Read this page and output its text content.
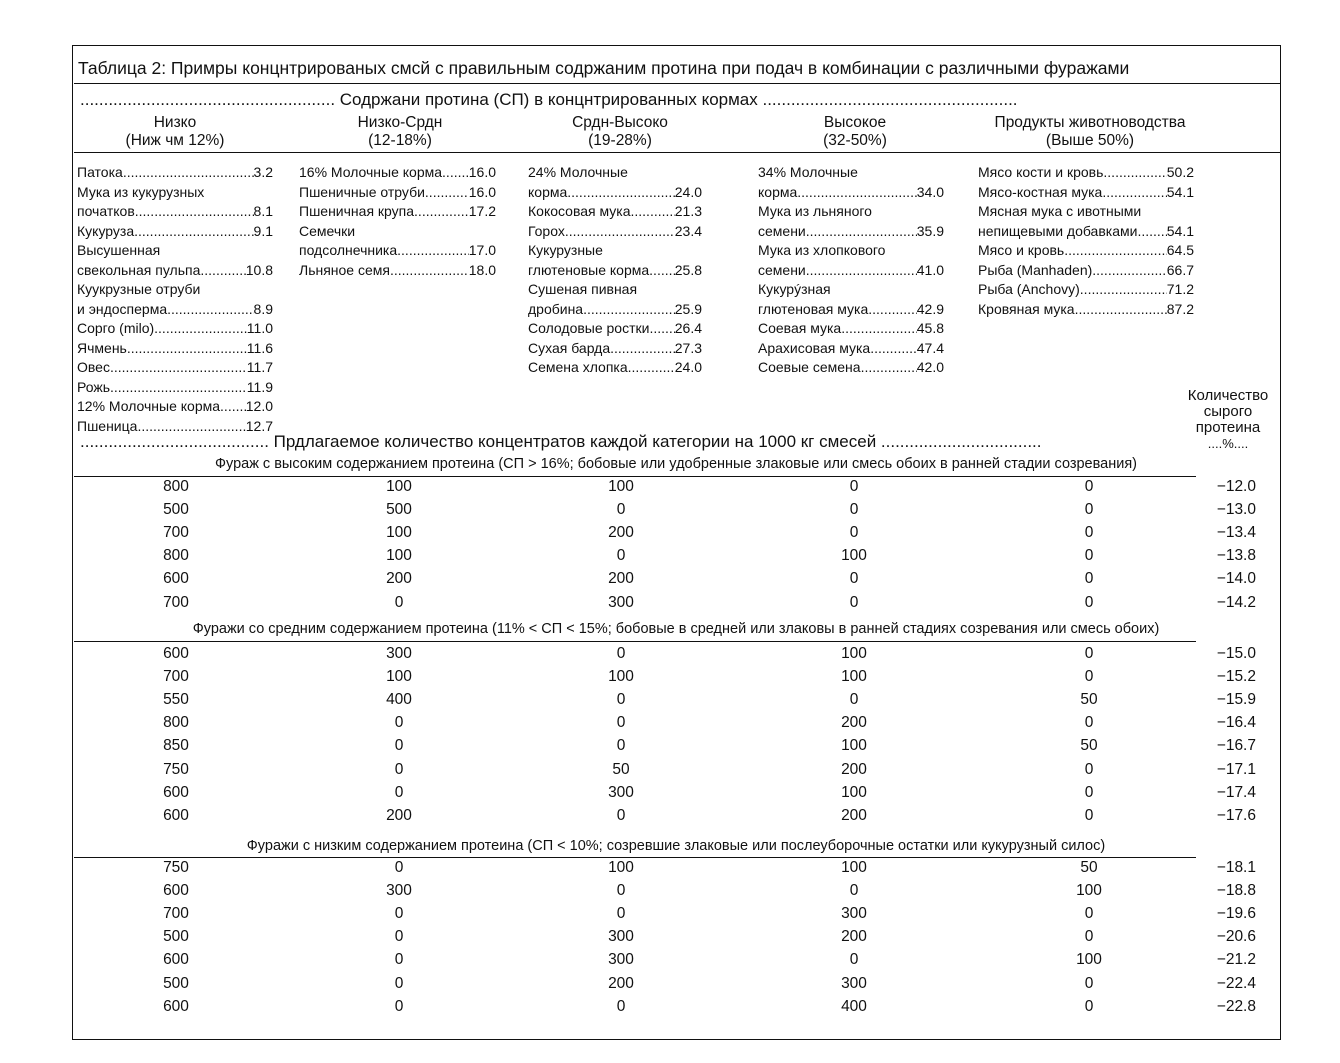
Таблица 2: Примры концнтрированых смсй с правильным содржаним протина при подач в комбинации с различными фуражами
...................................................... Содржани протина (СП) в концнтрированных кормах ......................................................
Низко
(Ниж чм 12%)
Низко-Срдн
(12-18%)
Срдн-Высоко
(19-28%)
Высокое
(32-50%)
Продукты животноводства
(Выше 50%)
Патока .....	3.2
Мука из кукурузных
початков .....	8.1
Кукуруза .....	9.1
Высушенная
свекольная пульпа .....	10.8
Куукрузные отруби
и эндосперма .....	8.9
Сорго (milo) .....	11.0
Ячмень .....	11.6
Овес .....	11.7
Рожь .....	11.9
12% Молочные корма ..... 12.0
Пшеница .....	12.7
16% Молочные корма ..... 16.0
Пшеничные отруби .....	16.0
Пшеничная крупа .....	17.2
Семечки
подсолнечника .....	17.0
Льняное семя .....	18.0
24% Молочные
корма .....	24.0
Кокосовая мука .....	21.3
Горох .....	23.4
Кукурузные
глютеновые корма ..... 25.8
Сушеная пивная
дробина .....	25.9
Солодовые ростки ..... 26.4
Сухая барда .....	27.3
Семена хлопка .....	24.0
34% Молочные
корма .....	34.0
Мука из льняного
семени .....	35.9
Мука из хлопкового
семени .....	41.0
Кукурýзная
глютеновая мука .....	42.9
Соевая мука .....	45.8
Арахисовая мука .....	47.4
Соевые семена .....	42.0
Мясо кости и кровь .....	50.2
Мясо-костная мука .....	54.1
Мясная мука с ивотными
непищевыми добавками ..... 54.1
Мясо и кровь .....	64.5
Рыба (Manhaden) .....	66.7
Рыба (Anchovy) .....	71.2
Кровяная мука .....	87.2
Количество
сырого
протеина
....%....
........................................ Прдлагаемое количество концентратов каждой категории на 1000 кг смесей ..................................
Фураж с высоким содержанием протеина (СП > 16%; бобовые или удобренные злаковые или смесь обоих в ранней стадии созревания)
800	100	100	0	0	−12.0
500	500	0	0	0	−13.0
700	100	200	0	0	−13.4
800	100	0	100	0	−13.8
600	200	200	0	0	−14.0
700	0	300	0	0	−14.2
Фуражи со средним содержанием протеина (11% < СП < 15%; бобовые в средней или злаковы в ранней стадиях созревания или смесь обоих)
600	300	0	100	0	−15.0
700	100	100	100	0	−15.2
550	400	0	0	50	−15.9
800	0	0	200	0	−16.4
850	0	0	100	50	−16.7
750	0	50	200	0	−17.1
600	0	300	100	0	−17.4
600	200	0	200	0	−17.6
Фуражи с низким содержанием протеина (СП < 10%; созревшие злаковые или послеуборочные остатки или кукурузный силос)
750	0	100	100	50	−18.1
600	300	0	0	100	−18.8
700	0	0	300	0	−19.6
500	0	300	200	0	−20.6
600	0	300	0	100	−21.2
500	0	200	300	0	−22.4
600	0	0	400	0	−22.8
